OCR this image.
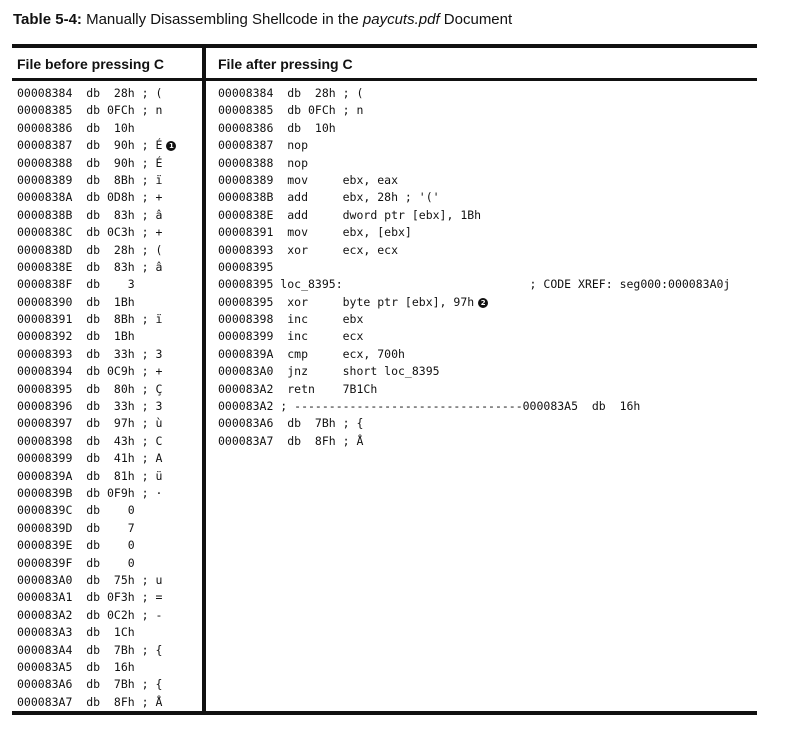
Table 5-4: Manually Disassembling Shellcode in the paycuts.pdf Document
File before pressing C	File after pressing C
00008384  db  28h ; (
00008385  db 0FCh ; n
00008386  db  10h
00008387  db  90h ; É 1
00008388  db  90h ; É
00008389  db  8Bh ; ï
0000838A  db 0D8h ; +
0000838B  db  83h ; â
0000838C  db 0C3h ; +
0000838D  db  28h ; (
0000838E  db  83h ; â
0000838F  db    3
00008390  db  1Bh
00008391  db  8Bh ; ï
00008392  db  1Bh
00008393  db  33h ; 3
00008394  db 0C9h ; +
00008395  db  80h ; Ç
00008396  db  33h ; 3
00008397  db  97h ; ù
00008398  db  43h ; C
00008399  db  41h ; A
0000839A  db  81h ; ü
0000839B  db 0F9h ; ·
0000839C  db    0
0000839D  db    7
0000839E  db    0
0000839F  db    0
000083A0  db  75h ; u
000083A1  db 0F3h ; =
000083A2  db 0C2h ; -
000083A3  db  1Ch
000083A4  db  7Bh ; {
000083A5  db  16h
000083A6  db  7Bh ; {
000083A7  db  8Fh ; Å
00008384  db  28h ; (
00008385  db 0FCh ; n
00008386  db  10h
00008387  nop
00008388  nop
00008389  mov     ebx, eax
0000838B  add     ebx, 28h ; '('
0000838E  add     dword ptr [ebx], 1Bh
00008391  mov     ebx, [ebx]
00008393  xor     ecx, ecx
00008395
00008395 loc_8395:                           ; CODE XREF: seg000:000083A0j
00008395  xor     byte ptr [ebx], 97h 2
00008398  inc     ebx
00008399  inc     ecx
0000839A  cmp     ecx, 700h
000083A0  jnz     short loc_8395
000083A2  retn    7B1Ch
000083A2 ; ---------------------------------000083A5  db  16h
000083A6  db  7Bh ; {
000083A7  db  8Fh ; Å
